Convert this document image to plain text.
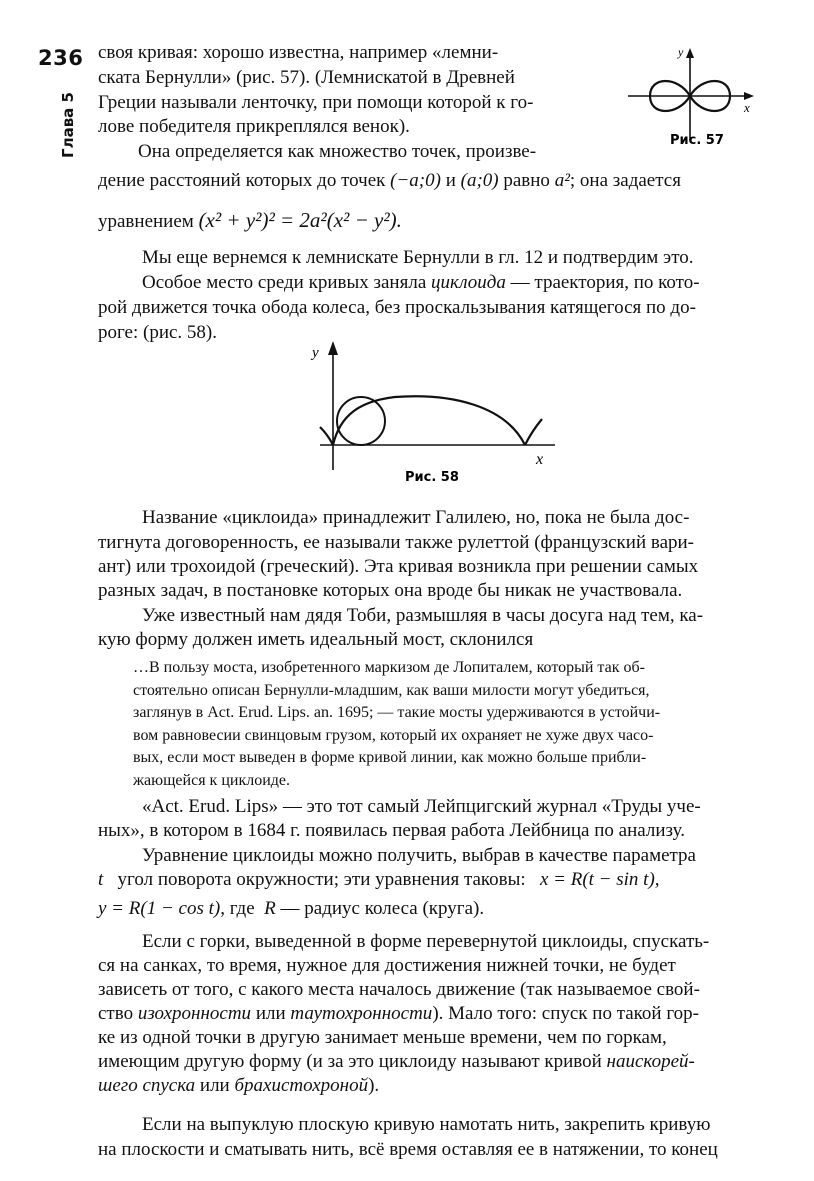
236
Глава 5
y
x
Рис. 57
y
x
Рис. 58
своя кривая: хорошо известна, например «лемни-
ската Бернулли» (рис. 57). (Лемнискатой в Древней
Греции называли ленточку, при помощи которой к го-
лове победителя прикреплялся венок).
Она определяется как множество точек, произве-
дение расстояний которых до точек (−a;0) и (a;0) равно a²; она задается
уравнением (x² + y²)² = 2a²(x² − y²).
Мы еще вернемся к лемнискате Бернулли в гл. 12 и подтвердим это.
Особое место среди кривых заняла циклоида — траектория, по кото-
рой движется точка обода колеса, без проскальзывания катящегося по до-
роге: (рис. 58).
Название «циклоида» принадлежит Галилею, но, пока не была дос-
тигнута договоренность, ее называли также рулеттой (французский вари-
ант) или трохоидой (греческий). Эта кривая возникла при решении самых
разных задач, в постановке которых она вроде бы никак не участвовала.
Уже известный нам дядя Тоби, размышляя в часы досуга над тем, ка-
кую форму должен иметь идеальный мост, склонился
…В пользу моста, изобретенного маркизом де Лопиталем, который так об-
стоятельно описан Бернулли-младшим, как ваши милости могут убедиться,
заглянув в Act. Erud. Lips. an. 1695; — такие мосты удерживаются в устойчи-
вом равновесии свинцовым грузом, который их охраняет не хуже двух часо-
вых, если мост выведен в форме кривой линии, как можно больше прибли-
жающейся к циклоиде.
«Act. Erud. Lips» — это тот самый Лейпцигский журнал «Труды уче-
ных», в котором в 1684 г. появилась первая работа Лейбница по анализу.
Уравнение циклоиды можно получить, выбрав в качестве параметра
t угол поворота окружности; эти уравнения таковы: x = R(t − sin t),
y = R(1 − cos t), где R — радиус колеса (круга).
Если с горки, выведенной в форме перевернутой циклоиды, спускать-
ся на санках, то время, нужное для достижения нижней точки, не будет
зависеть от того, с какого места началось движение (так называемое свой-
ство изохронности или таутохронности). Мало того: спуск по такой гор-
ке из одной точки в другую занимает меньше времени, чем по горкам,
имеющим другую форму (и за это циклоиду называют кривой наискорей-
шего спуска или брахистохроной).
Если на выпуклую плоскую кривую намотать нить, закрепить кривую
на плоскости и сматывать нить, всё время оставляя ее в натяжении, то конец
